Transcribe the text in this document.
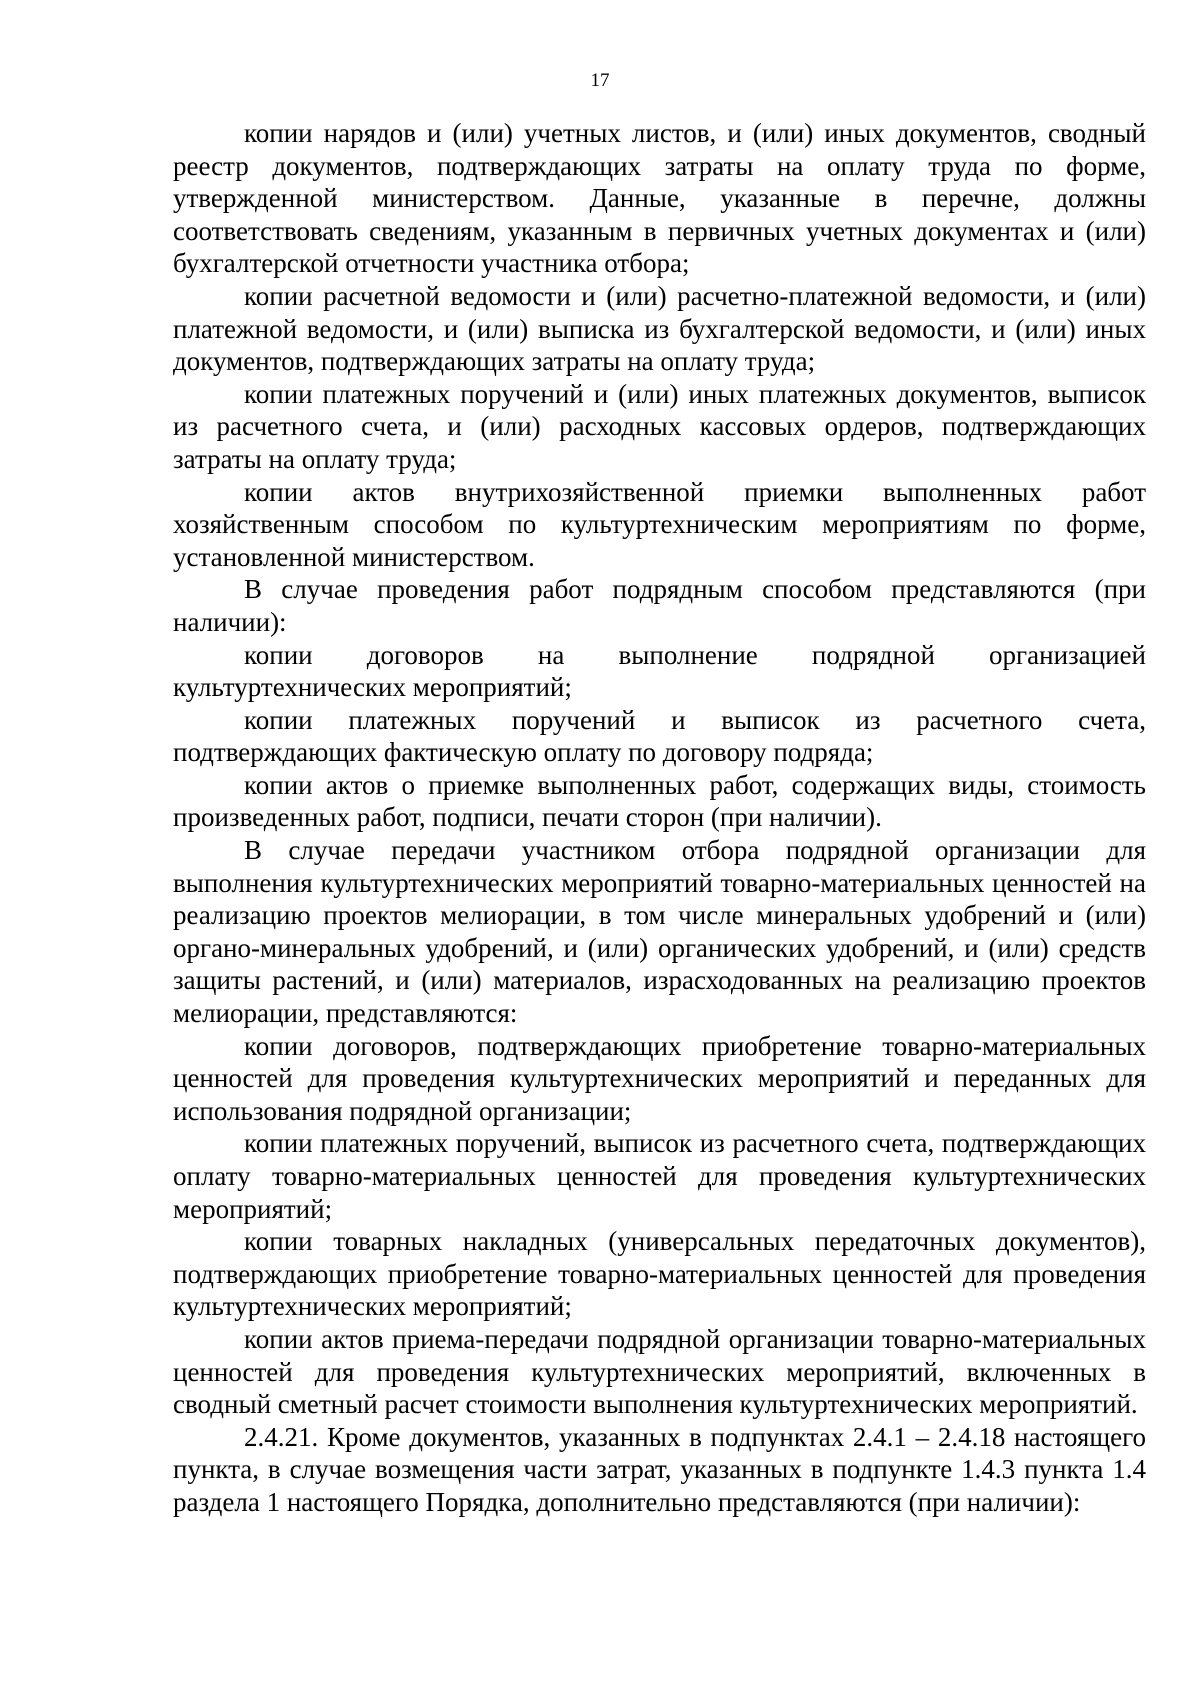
17

копии нарядов и (или) учетных листов, и (или) иных документов, сводный реестр документов, подтверждающих затраты на оплату труда по форме, утвержденной министерством. Данные, указанные в перечне, должны соответствовать сведениям, указанным в первичных учетных документах и (или) бухгалтерской отчетности участника отбора;

копии расчетной ведомости и (или) расчетно-платежной ведомости, и (или) платежной ведомости, и (или) выписка из бухгалтерской ведомости, и (или) иных документов, подтверждающих затраты на оплату труда;

копии платежных поручений и (или) иных платежных документов, выписок из расчетного счета, и (или) расходных кассовых ордеров, подтверждающих затраты на оплату труда;

копии актов внутрихозяйственной приемки выполненных работ хозяйственным способом по культуртехническим мероприятиям по форме, установленной министерством.

В случае проведения работ подрядным способом представляются (при наличии):

копии договоров на выполнение подрядной организацией культуртехнических мероприятий;

копии платежных поручений и выписок из расчетного счета, подтверждающих фактическую оплату по договору подряда;

копии актов о приемке выполненных работ, содержащих виды, стоимость произведенных работ, подписи, печати сторон (при наличии).

В случае передачи участником отбора подрядной организации для выполнения культуртехнических мероприятий товарно-материальных ценностей на реализацию проектов мелиорации, в том числе минеральных удобрений и (или) органо-минеральных удобрений, и (или) органических удобрений, и (или) средств защиты растений, и (или) материалов, израсходованных на реализацию проектов мелиорации, представляются:

копии договоров, подтверждающих приобретение товарно-материальных ценностей для проведения культуртехнических мероприятий и переданных для использования подрядной организации;

копии платежных поручений, выписок из расчетного счета, подтверждающих оплату товарно-материальных ценностей для проведения культуртехнических мероприятий;

копии товарных накладных (универсальных передаточных документов), подтверждающих приобретение товарно-материальных ценностей для проведения культуртехнических мероприятий;

копии актов приема-передачи подрядной организации товарно-материальных ценностей для проведения культуртехнических мероприятий, включенных в сводный сметный расчет стоимости выполнения культуртехнических мероприятий.

2.4.21. Кроме документов, указанных в подпунктах 2.4.1 – 2.4.18 настоящего пункта, в случае возмещения части затрат, указанных в подпункте 1.4.3 пункта 1.4 раздела 1 настоящего Порядка, дополнительно представляются (при наличии):
